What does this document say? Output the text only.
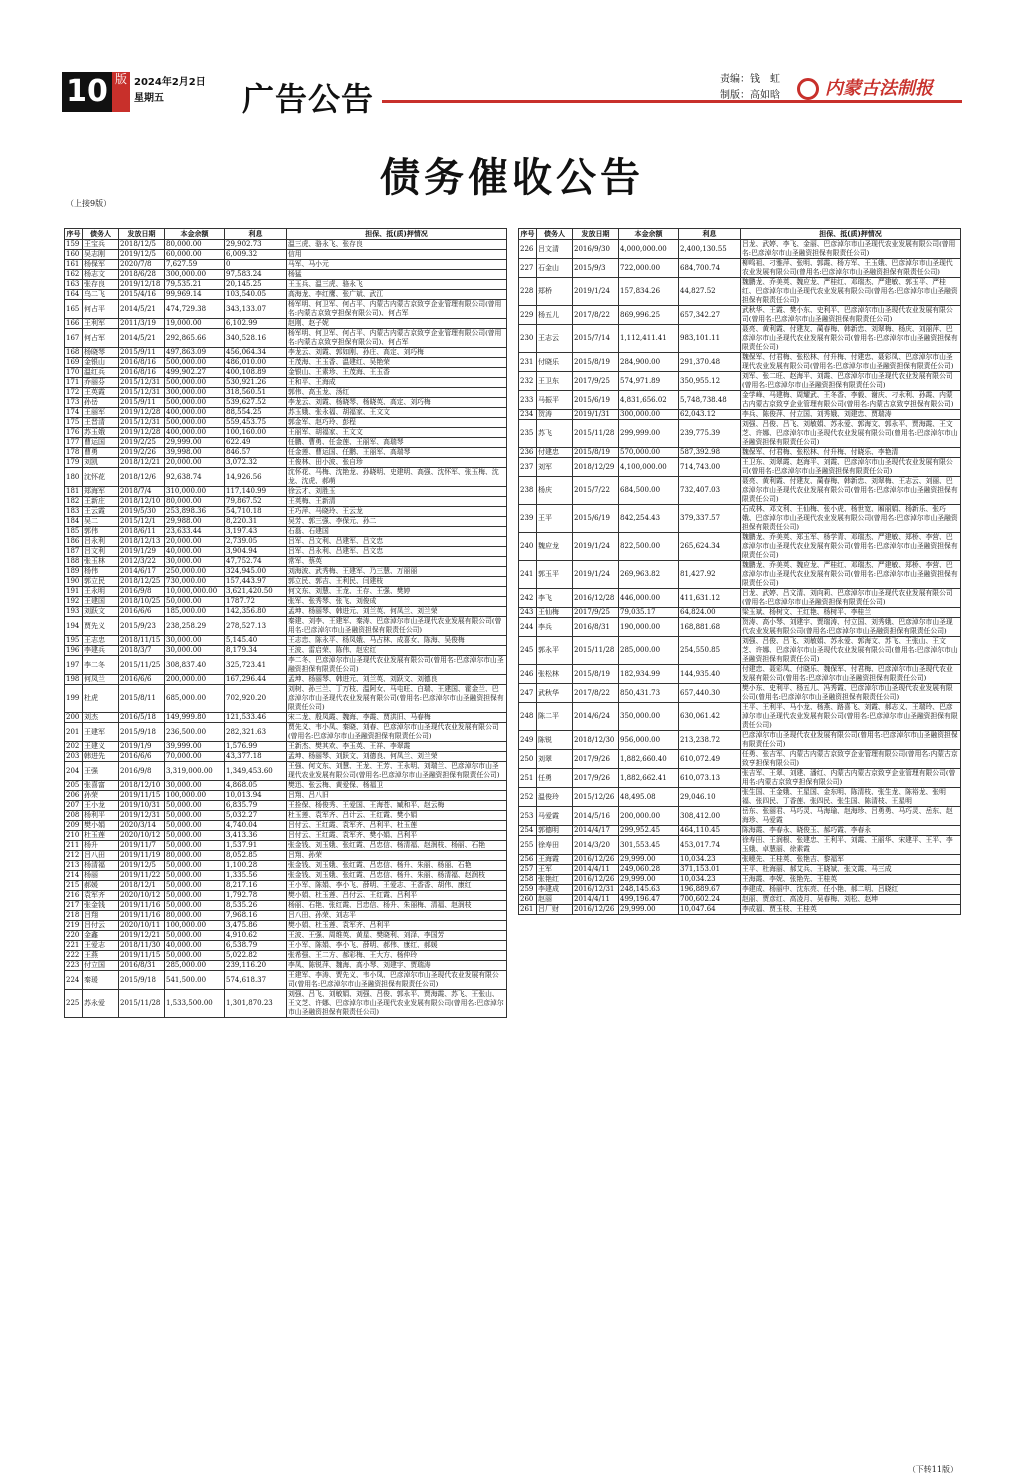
10 版 2024年2月2日
星期五	广告公告
责编：钱　虹
制版：高如晗	内蒙古法制报
债务催收公告
（上接9版）
序号	债务人	发放日期	本金余额	利息	担保、抵(质)押情况
159	王宝兵	2018/12/5	80,000.00	29,902.73	温三虎、骆永飞、张存良
160	吴志刚	2019/12/5	60,000.00	6,009.32	信用
161	杨保军	2020/7/8	7,627.59	0	马军、马小元
162	杨志文	2018/6/28	300,000.00	97,583.24	杨猛
163	张存良	2019/12/18	79,535.21	20,145.25	王玉兵、温三虎、骆永飞
164	乌二飞	2015/4/16	99,969.14	103,540.05	高海龙、李红鹰、张广斌、武江
165	何占平	2014/5/21	474,729.38	343,133.07	杨军明、何卫军、何占平、内蒙古内蒙古京致亨企业管理有限公司(曾用名:内蒙古京致亨担保有限公司)、何占军
166	王利军	2011/3/19	19,000.00	6,102.99	赵刚、赵子妮
167	何占军	2014/5/21	292,865.66	340,528.16	杨军明、何卫军、何占平、内蒙古内蒙古京致亨企业管理有限公司(曾用名:内蒙古京致亨担保有限公司)、何占军
168	杨晓琴	2015/9/11	497,863.09	456,064.34	李龙云、刘霞、郭如刚、孙庄、高定、刘巧梅
169	金银山	2016/8/16	500,000.00	486,010.00	王茂海、王玉香、温建红、吴艳荣
170	温红兵	2016/8/16	499,902.27	400,108.89	金银山、王素珍、王茂海、王玉香
171	乔丽芬	2015/12/31	500,000.00	530,921.26	王和平、王海成
172	王英霞	2015/12/31	300,000.00	318,560.51	郭伟、高玉龙、汤红
173	孙岳	2015/9/11	500,000.00	539,627.52	李龙云、刘霞、杨晓琴、杨晓英、高定、刘巧梅
174	王丽军	2019/12/28	400,000.00	88,554.25	苏玉娥、张永福、胡福家、王文文
175	王晋清	2015/12/31	500,000.00	559,453.75	郭金军、赵巧玲、彭程
176	苏玉娥	2019/12/28	400,000.00	100,160.00	王丽军、胡福家、王文文
177	曹运国	2019/2/25	29,999.00	622.49	任鹏、曹勇、任金莲、王丽军、高瑞琴
178	曹勇	2019/2/26	39,998.00	846.57	任金莲、曹运国、任鹏、王丽军、高瑞琴
179	刘凯	2018/12/21	20,000.00	3,072.32	王俊林、田小波、张自珍
180	沈怀花	2018/12/6	92,638.74	14,926.56	沈怀花、马梅、沈艳龙、孙晓明、史建明、高强、沈怀军、张玉梅、沈龙、沈虎、郝萌
181	郑海军	2018/7/4	310,000.00	117,140.99	徐云才、刘胜玉
182	王新庄	2018/12/10	80,000.00	79,867.52	王英梅、王新清
183	王云霞	2019/5/30	253,898.36	54,710.18	王巧萍、马晓玲、王云龙
184	吴二	2015/12/1	29,988.00	8,220.31	吴芳、郭三强、李保元、孙二
185	郭伟	2018/6/11	23,633.44	3,197.43	石磊、石建国
186	吕永利	2018/12/13	20,000.00	2,739.05	吕军、吕文利、吕建军、吕文忠
187	吕文利	2019/1/29	40,000.00	3,904.94	吕军、吕永利、吕建军、吕文忠
188	张玉林	2012/3/22	30,000.00	47,752.74	常军、蔡英
189	杨伟	2014/6/17	250,000.00	324,945.00	刘海波、武秀梅、王建军、乃三慧、万丽丽
190	郭立民	2018/12/25	730,000.00	157,443.97	郭立民、郭吉、王利民、闫建枝
191	王永明	2016/9/8	10,000,000.00	3,621,420.50	何文东、刘慧、王龙、王存、王强、樊婷
192	王建国	2018/10/25	50,000.00	1787.72	张军、张秀琴、张飞、刘俊成
193	刘跃文	2016/6/6	185,000.00	142,356.80	孟坤、杨丽琴、韩进元、刘兰英、何凤兰、刘兰荣
194	贾先义	2015/9/23	238,258.29	278,527.13	秦建、刘李、王建军、秦涛、巴彦淖尔市山圣现代农业发展有限公司(曾用名:巴彦淖尔市山圣融资担保有限责任公司)
195	王志忠	2018/11/15	30,000.00	5,145.40	王志忠、陈永平、杨凤娥、马占林、成喜女、陈海、吴俊梅
196	李建兵	2018/3/7	30,000.00	8,179.34	王波、雷启荣、陈伟、赵宏红
197	李二冬	2015/11/25	308,837.40	325,723.41	李二冬、巴彦淖尔市山圣现代农业发展有限公司(曾用名:巴彦淖尔市山圣融资担保有限责任公司)
198	何凤兰	2016/6/6	200,000.00	167,296.44	孟坤、杨丽琴、韩进元、刘兰英、刘跃文、刘德良
199	杜虎	2015/8/11	685,000.00	702,920.20	刘树、孙三兰、丁万枝、温阿女、马屯旺、白瑞、王建国、霍金兰、巴彦淖尔市山圣现代农业发展有限公司(曾用名:巴彦淖尔市山圣融资担保有限责任公司)
200	刘杰	2016/5/18	149,999.80	121,533.46	宋二龙、殷凤霞、魏海、李霞、贾洪旧、马春梅
201	王建军	2015/9/18	236,500.00	282,321.63	贾先义、韦小凤、秦晓、刘春、巴彦淖尔市山圣现代农业发展有限公司(曾用名:巴彦淖尔市山圣融资担保有限责任公司)
202	王建义	2019/1/9	39,999.00	1,576.99	王新杰、樊其欢、李玉英、王祥、李翠霞
203	韩进先	2016/6/6	70,000.00	43,377.18	孟坤、杨丽琴、刘跃文、刘德良、何凤兰、刘兰荣
204	王强	2016/9/8	3,319,000.00	1,349,453.60	王强、何文东、刘慧、王龙、王芳、王永明、刘瑞兰、巴彦淖尔市山圣现代农业发展有限公司(曾用名:巴彦淖尔市山圣融资担保有限责任公司)
205	张喜富	2018/12/10	30,000.00	4,868.05	樊迅、张云梅、黄爱保、杨福卫
206	孙荣	2019/11/15	100,000.00	10,013.94	吕翔、吕八旧
207	王小龙	2019/10/31	50,000.00	6,835.79	王拴保、杨俊秀、王爱国、王海苍、臧和平、赵云梅
208	杨利平	2019/12/31	50,000.00	5,032.27	杜玉莲、袁军齐、吕计云、王红霞、樊小娟
209	樊小娟	2020/3/14	50,000.00	4,740.04	吕付云、王红霞、袁军齐、吕利平、杜玉莲
210	杜玉莲	2020/10/12	50,000.00	3,413.36	吕付云、王红霞、袁军齐、樊小娟、吕利平
211	杨升	2019/11/7	50,000.00	1,537.91	张金钱、刘玉娥、张红霞、吕忠信、杨清福、赵润枝、杨丽、石艳
212	吕八田	2019/11/19	80,000.00	8,052.85	吕翔、孙荣
213	杨清福	2019/12/5	50,000.00	1,100.28	张金钱、刘玉娥、张红霞、吕忠信、杨升、朱丽、杨丽、石艳
214	杨丽	2019/11/22	50,000.00	1,335.56	张金钱、刘玉娥、张红霞、吕忠信、杨升、朱丽、杨清福、赵润枝
215	郝媛	2018/12/1	50,000.00	8,217.16	王小军、陈娟、李小飞、薛明、王爱志、王香香、胡伟、康红
216	袁军齐	2020/10/12	50,000.00	1,792.78	樊小娟、杜玉莲、吕付云、王红霞、吕利平
217	张金钱	2019/11/16	50,000.00	8,535.26	杨丽、石艳、张红霞、吕忠信、杨升、朱丽梅、清福、赵润枝
218	吕翔	2019/11/16	80,000.00	7,968.16	吕八田、孙荣、刘志平
219	吕付云	2020/10/11	100,000.00	3,475.86	樊小娟、杜玉莲、袁军齐、吕利平
220	金鑫	2019/12/21	50,000.00	4,910.62	王波、王强、周维英、黄星、樊晓利、刘泽、李国芳
221	王爱志	2018/11/30	40,000.00	6,538.79	王小军、陈娟、李小飞、薛明、郝伟、康红、郝媛
222	王燕	2019/11/15	50,000.00	5,022.82	张希强、王二方、郝彩梅、王大方、杨仲玲
223	付立国	2016/8/31	285,000.00	239,116.20	李凤、陈锐萍、魏海、高小琴、刘建宇、贾瑞涛
224	秦瑗	2015/9/18	541,500.00	574,618.37	王建军、李涛、贾先义、韦小凤、巴彦淖尔市山圣现代农业发展有限公司(曾用名:巴彦淖尔市山圣融资担保有限责任公司)
225	苏永爱	2015/11/28	1,533,500.00	1,301,870.23	刘强、吕飞、刘敏娟、刘强、吕俊、郭永平、贾海霞、苏飞、王张山、王文芝、许娜、巴彦淖尔市山圣现代农业发展有限公司(曾用名:巴彦淖尔市山圣融资担保有限责任公司)
序号	债务人	发放日期	本金余额	利息	担保、抵(质)押情况
226	吕文清	2016/9/30	4,000,000.00	2,400,130.55	吕龙、武婷、李飞、金丽、巴彦淖尔市山圣现代农业发展有限公司(曾用名:巴彦淖尔市山圣融资担保有限责任公司)
227	石金山	2015/9/3	722,000.00	684,700.74	柳鸣祖、刁雅萍、张明、郭霞、杨方军、王玉娥、巴彦淖尔市山圣现代农业发展有限公司(曾用名:巴彦淖尔市山圣融资担保有限责任公司)
228	郑桥	2019/1/24	157,834.26	44,827.52	魏鹏龙、乔美英、魏应龙、严桂红、邓瑞杰、严建敏、郭玉平、严桂红、巴彦淖尔市山圣现代农业发展有限公司(曾用名:巴彦淖尔市山圣融资担保有限责任公司)
229	杨五儿	2017/8/22	869,996.25	657,342.27	武秋华、王霞、樊小东、史利平、巴彦淖尔市山圣现代农业发展有限公司(曾用名:巴彦淖尔市山圣融资担保有限责任公司)
230	王志云	2015/7/14	1,112,411.41	983,101.11	聂亮、黄利霞、付建友、蔺春梅、韩新忠、刘翠梅、杨庆、刘丽萍、巴彦淖尔市山圣现代农业发展有限公司(曾用名:巴彦淖尔市山圣融资担保有限责任公司)
231	付晓乐	2015/8/19	284,900.00	291,370.48	魏保军、付君梅、张松林、付升梅、付建忠、聂彩凤、巴彦淖尔市山圣现代农业发展有限公司(曾用名:巴彦淖尔市山圣融资担保有限责任公司)
232	王卫东	2017/9/25	574,971.89	350,955.12	刘军、张二旺、赵海平、刘霞、巴彦淖尔市山圣现代农业发展有限公司(曾用名:巴彦淖尔市山圣融资担保有限责任公司)
233	马振平	2015/6/19	4,831,656.02	5,748,738.48	金学峰、马建梅、周耀武、王冬香、李毅、谢庆、刁永利、孙霞、内蒙古内蒙古京致亨企业管理有限公司(曾用名:内蒙古京致亨担保有限公司)
234	贺涛	2019/1/31	300,000.00	62,043.12	李兵、陈俊萍、付立国、刘秀娥、刘建忠、贾瑞涛
235	苏飞	2015/11/28	299,999.00	239,775.39	刘强、吕俊、吕飞、刘敏娟、苏永爱、郭海文、郭永平、贾海霞、王文芝、许娜、巴彦淖尔市山圣现代农业发展有限公司(曾用名:巴彦淖尔市山圣融资担保有限责任公司)
236	付建忠	2015/8/19	570,000.00	587,392.98	魏保军、付君梅、张松林、付升梅、付晓乐、李艳清
237	刘军	2018/12/29	4,100,000.00	714,743.00	王卫东、刘翠霞、赵海平、刘霞、巴彦淖尔市山圣现代农业发展有限公司(曾用名:巴彦淖尔市山圣融资担保有限责任公司)
238	杨庆	2015/7/22	684,500.00	732,407.03	聂亮、黄利霞、付建友、蔺春梅、韩新忠、刘翠梅、王志云、刘丽、巴彦淖尔市山圣现代农业发展有限公司(曾用名:巴彦淖尔市山圣融资担保有限责任公司)
239	王平	2015/6/19	842,254.43	379,337.57	石成林、邓文利、王仙梅、张小虎、杨世宽、厢丽娟、杨新乐、张巧娥、巴彦淖尔市山圣现代农业发展有限公司(曾用名:巴彦淖尔市山圣融资担保有限责任公司)
240	魏应龙	2019/1/24	822,500.00	265,624.34	魏鹏龙、乔美英、郑玉军、杨学青、邓瑞杰、严建敏、郑桥、李营、巴彦淖尔市山圣现代农业发展有限公司(曾用名:巴彦淖尔市山圣融资担保有限责任公司)
241	郭玉平	2019/1/24	269,963.82	81,427.92	魏鹏龙、乔美英、魏应龙、严桂红、邓瑞杰、严建敏、郑桥、李营、巴彦淖尔市山圣现代农业发展有限公司(曾用名:巴彦淖尔市山圣融资担保有限责任公司)
242	李飞	2016/12/28	446,000.00	411,631.12	吕龙、武婷、吕文清、刘向莉、巴彦淖尔市山圣现代农业发展有限公司(曾用名:巴彦淖尔市山圣融资担保有限责任公司)
243	王仙梅	2017/9/25	79,035.17	64,824.00	梁玉斌、杨树文、王红艳、杨树平、李桂兰
244	李兵	2016/8/31	190,000.00	168,881.68	贺涛、高小琴、刘建宇、贾瑞涛、付立国、刘秀娥、巴彦淖尔市山圣现代农业发展有限公司(曾用名:巴彦淖尔市山圣融资担保有限责任公司)
245	郭永平	2015/11/28	285,000.00	254,550.85	刘强、吕俊、吕飞、刘敏娟、苏永爱、郭海文、苏飞、王张山、王文芝、许娜、巴彦淖尔市山圣现代农业发展有限公司(曾用名:巴彦淖尔市山圣融资担保有限责任公司)
246	张松林	2015/8/19	182,934.99	144,935.40	付建忠、聂彩凤、付晓乐、魏保军、付君梅、巴彦淖尔市山圣现代农业发展有限公司(曾用名:巴彦淖尔市山圣融资担保有限责任公司)
247	武秋华	2017/8/22	850,431.73	657,440.30	樊小东、史利平、杨五儿、冯秀霞、巴彦淖尔市山圣现代农业发展有限公司(曾用名:巴彦淖尔市山圣融资担保有限责任公司)
248	陈二平	2014/6/24	350,000.00	630,061.42	王平、王利平、马小龙、杨燕、路喜飞、刘霞、郝志义、王瑞玲、巴彦淖尔市山圣现代农业发展有限公司(曾用名:巴彦淖尔市山圣融资担保有限责任公司)
249	陈锐	2018/12/30	956,000.00	213,238.72	巴彦淖尔市山圣现代农业发展有限公司(曾用名:巴彦淖尔市山圣融资担保有限责任公司)
250	刘翠	2017/9/26	1,882,660.40	610,072.49	任勇、张吉军、内蒙古内蒙古京致亨企业管理有限公司(曾用名:内蒙古京致亨担保有限公司)
251	任勇	2017/9/26	1,882,662.41	610,073.13	张吉军、王翠、刘建、潘红、内蒙古内蒙古京致亨企业管理有限公司(曾用名:内蒙古京致亨担保有限公司)
252	温俊玲	2015/12/26	48,495.08	29,046.10	张生国、王金娥、王星国、金东明、陈清枝、张生龙、陈裕龙、张明福、张四民、丁香莲、张四民、张生国、陈清枝、王星明
253	马爱霞	2014/5/16	200,000.00	308,412.00	岳东、张丽君、马巧灵、马海瑜、赵海珍、吕勇勇、马巧灵、岳东、赵海珍、马爱霞
254	郭德明	2014/4/17	299,952.45	464,110.45	陈海霞、李春永、晓俊玉、郝巧霞、李春永
255	徐寿田	2014/3/20	301,553.45	453,017.74	徐寿田、王润根、张建忠、王利平、刘霞、王丽华、宋建平、王平、李玉娥、卓慧丽、徐素霞
256	王海霞	2016/12/26	29,999.00	10,034.23	张曉先、王桂英、张艳吉、黎福军
257	王军	2014/4/11	249,060.28	371,153.01	王平、杜海丽、郝艾兵、王晓斌、张文霞、马三成
258	张艳红	2016/12/26	29,999.00	10,034.23	王海霞、李妮、张艳先、王桂英
259	李建成	2016/12/31	248,145.63	196,889.67	李建成、杨丽中、沈东亮、任小艳、郝二明、吕晓红
260	赵丽	2014/4/11	499,196.47	700,602.24	赵丽、贾彦红、高凌月、吴春梅、刘松、赵坤
261	吕厂财	2016/12/26	29,999.00	10,047.64	李成福、贾玉枝、王桂英
（下转11版）
